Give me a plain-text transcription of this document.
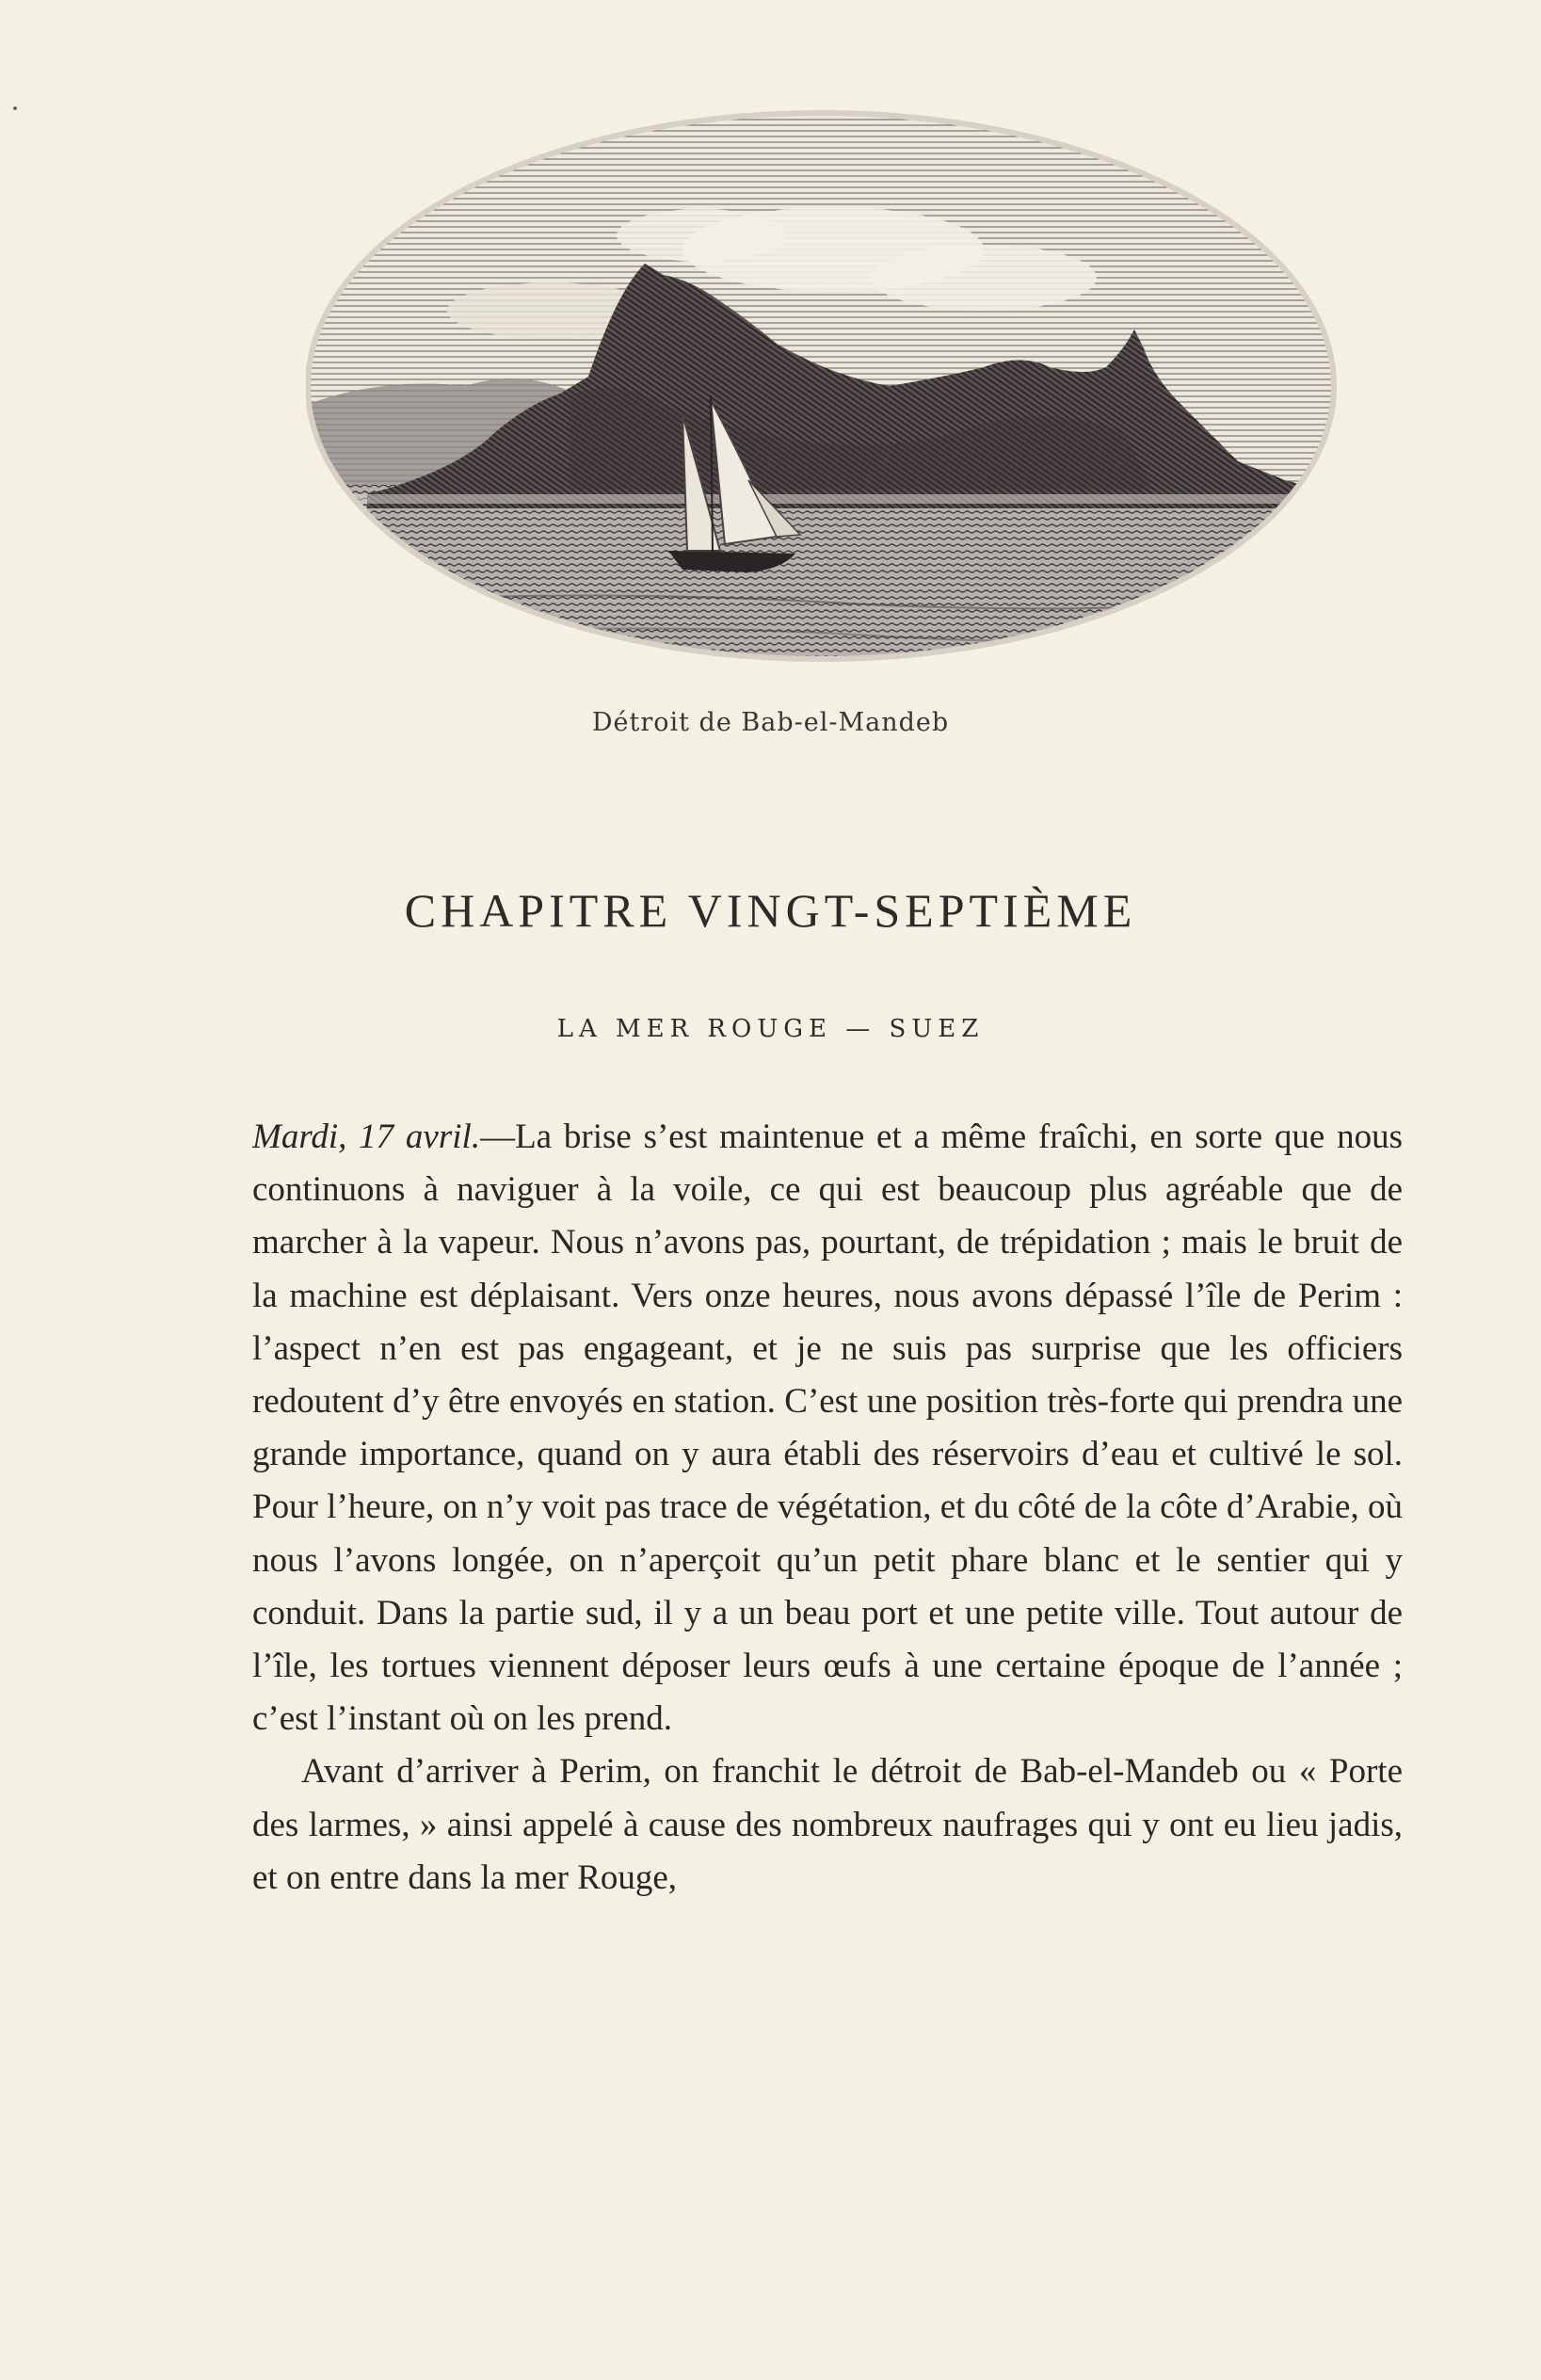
Détroit de Bab-el-Mandeb
CHAPITRE VINGT-SEPTIÈME
LA MER ROUGE — SUEZ

Mardi, 17 avril.—La brise s’est maintenue et a même fraîchi, en sorte que nous continuons à naviguer à la voile, ce qui est beaucoup plus agréable que de marcher à la vapeur. Nous n’avons pas, pourtant, de trépidation ; mais le bruit de la machine est déplaisant. Vers onze heures, nous avons dépassé l’île de Perim : l’aspect n’en est pas engageant, et je ne suis pas surprise que les officiers redoutent d’y être envoyés en station. C’est une position très-forte qui prendra une grande importance, quand on y aura établi des réservoirs d’eau et cultivé le sol. Pour l’heure, on n’y voit pas trace de végétation, et du côté de la côte d’Arabie, où nous l’avons longée, on n’aperçoit qu’un petit phare blanc et le sentier qui y conduit. Dans la partie sud, il y a un beau port et une petite ville. Tout autour de l’île, les tortues viennent déposer leurs œufs à une certaine époque de l’année ; c’est l’instant où on les prend.

Avant d’arriver à Perim, on franchit le détroit de Bab-el-Mandeb ou « Porte des larmes, » ainsi appelé à cause des nombreux naufrages qui y ont eu lieu jadis, et on entre dans la mer Rouge,
